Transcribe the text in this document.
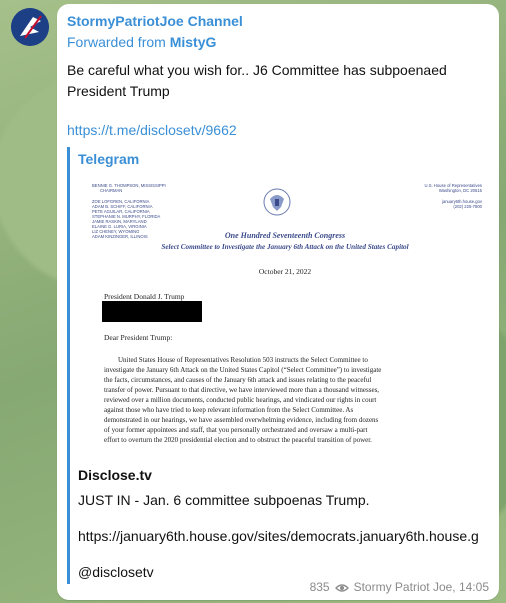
StormyPatriotJoe Channel
Forwarded from MistyG
Be careful what you wish for.. J6 Committee has subpoenaed
President Trump
https://t.me/disclosetv/9662
Telegram
BENNIE G. THOMPSON, MISSISSIPPI
CHAIRMAN
ZOE LOFGREN, CALIFORNIA
ADAM B. SCHIFF, CALIFORNIA
PETE AGUILAR, CALIFORNIA
STEPHANIE N. MURPHY, FLORIDA
JAMIE RASKIN, MARYLAND
ELAINE G. LURIA, VIRGINIA
LIZ CHENEY, WYOMING
ADAM KINZINGER, ILLINOIS
U.S. House of Representatives
Washington, DC 20515
january6th.house.gov
(202) 225-7800
One Hundred Seventeenth Congress
Select Committee to Investigate the January 6th Attack on the United States Capitol
October 21, 2022
President Donald J. Trump
Dear President Trump:
United States House of Representatives Resolution 503 instructs the Select Committee to
investigate the January 6th Attack on the United States Capitol (“Select Committee”) to investigate
the facts, circumstances, and causes of the January 6th attack and issues relating to the peaceful
transfer of power. Pursuant to that directive, we have interviewed more than a thousand witnesses,
reviewed over a million documents, conducted public hearings, and vindicated our rights in court
against those who have tried to keep relevant information from the Select Committee. As
demonstrated in our hearings, we have assembled overwhelming evidence, including from dozens
of your former appointees and staff, that you personally orchestrated and oversaw a multi-part
effort to overturn the 2020 presidential election and to obstruct the peaceful transition of power.
Disclose.tv
JUST IN - Jan. 6 committee subpoenas Trump.
https://january6th.house.gov/sites/democrats.january6th.house.g
@disclosetv
835 Stormy Patriot Joe, 14:05
